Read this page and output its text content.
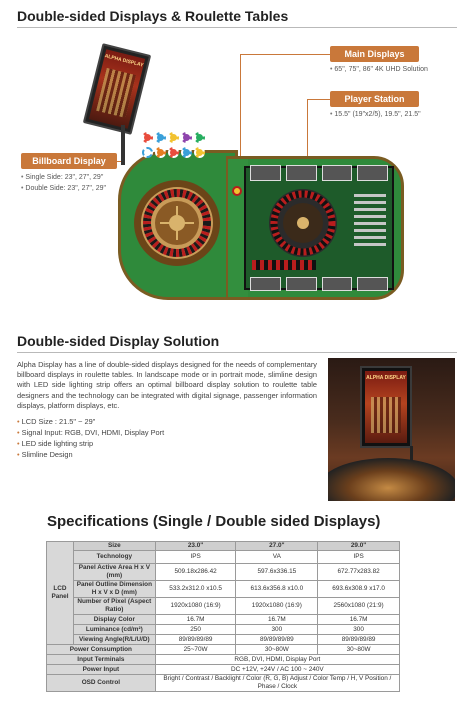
Double-sided Displays & Roulette Tables
Main Displays
• 65", 75", 86" 4K UHD Solution
Player Station
• 15.5" (19"x2/5), 19.5", 21.5"
Billboard Display
• Single Side: 23", 27", 29"
• Double Side: 23", 27", 29"
ALPHA DISPLAY
Double-sided Display Solution

Alpha Display has a line of double-sided displays designed for the needs of complementary billboard displays in roulette tables. In landscape mode or in portrait mode, slimline design with LED side lighting strip offers an optimal billboard display solution to roulette table designers and the technology can be integrated with digital signage, passenger information displays, platform displays, etc.

• LCD Size : 21.5" ~ 29"
• Signal Input: RGB, DVI, HDMI, Display Port
• LED side lighting strip
• Slimline Design
ALPHA DISPLAY
Specifications (Single / Double sided Displays)
LCD Panel	Size	23.0"	27.0"	29.0"
	Technology	IPS	VA	IPS
	Panel Active Area H x V (mm)	509.18x286.42	597.6x336.15	672.77x283.82
	Panel Outline Dimension H x V x D (mm)	533.2x312.0 x10.5	613.6x356.8 x10.0	693.6x308.9 x17.0
	Number of Pixel (Aspect Ratio)	1920x1080 (16:9)	1920x1080 (16:9)	2560x1080 (21:9)
	Display Color	16.7M	16.7M	16.7M
	Luminance (cd/m²)	250	300	300
	Viewing Angle(R/L/U/D)	89/89/89/89	89/89/89/89	89/89/89/89
Power Consumption		25~70W	30~80W	30~80W
Input Terminals		RGB, DVI, HDMI, Display Port		
Power Input		DC +12V, +24V / AC 100 ~ 240V		
OSD Control		Bright / Contrast / Backlight / Color (R, G, B) Adjust / Color Temp / H, V Position / Phase / Clock		
